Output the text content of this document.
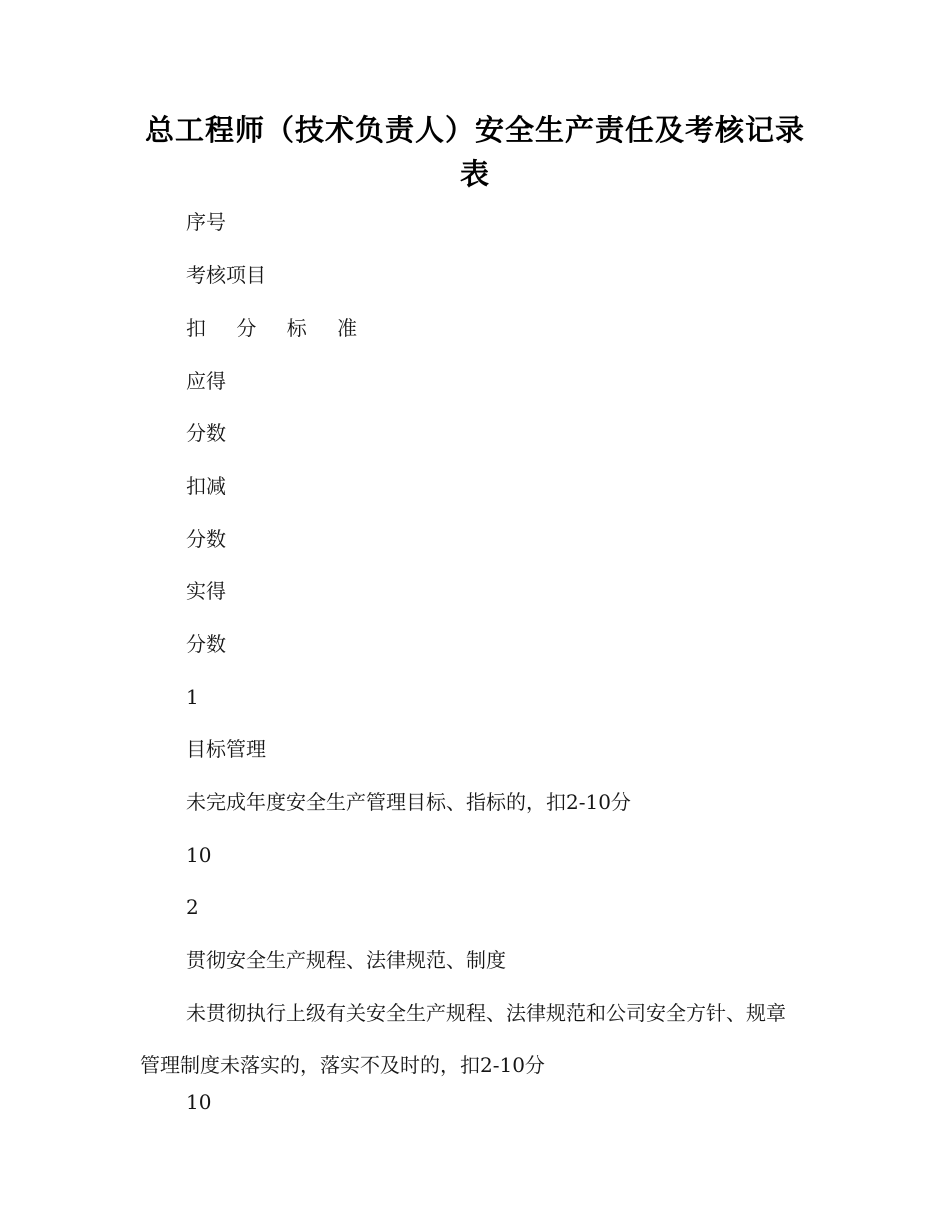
总工程师（技术负责人）安全生产责任及考核记录表
序号
考核项目
扣 分 标 准
应得
分数
扣减
分数
实得
分数
1
目标管理
未完成年度安全生产管理目标、指标的，扣2-10分
10
2
贯彻安全生产规程、法律规范、制度
未贯彻执行上级有关安全生产规程、法律规范和公司安全方针、规章管理制度未落实的，落实不及时的，扣2-10分
10
